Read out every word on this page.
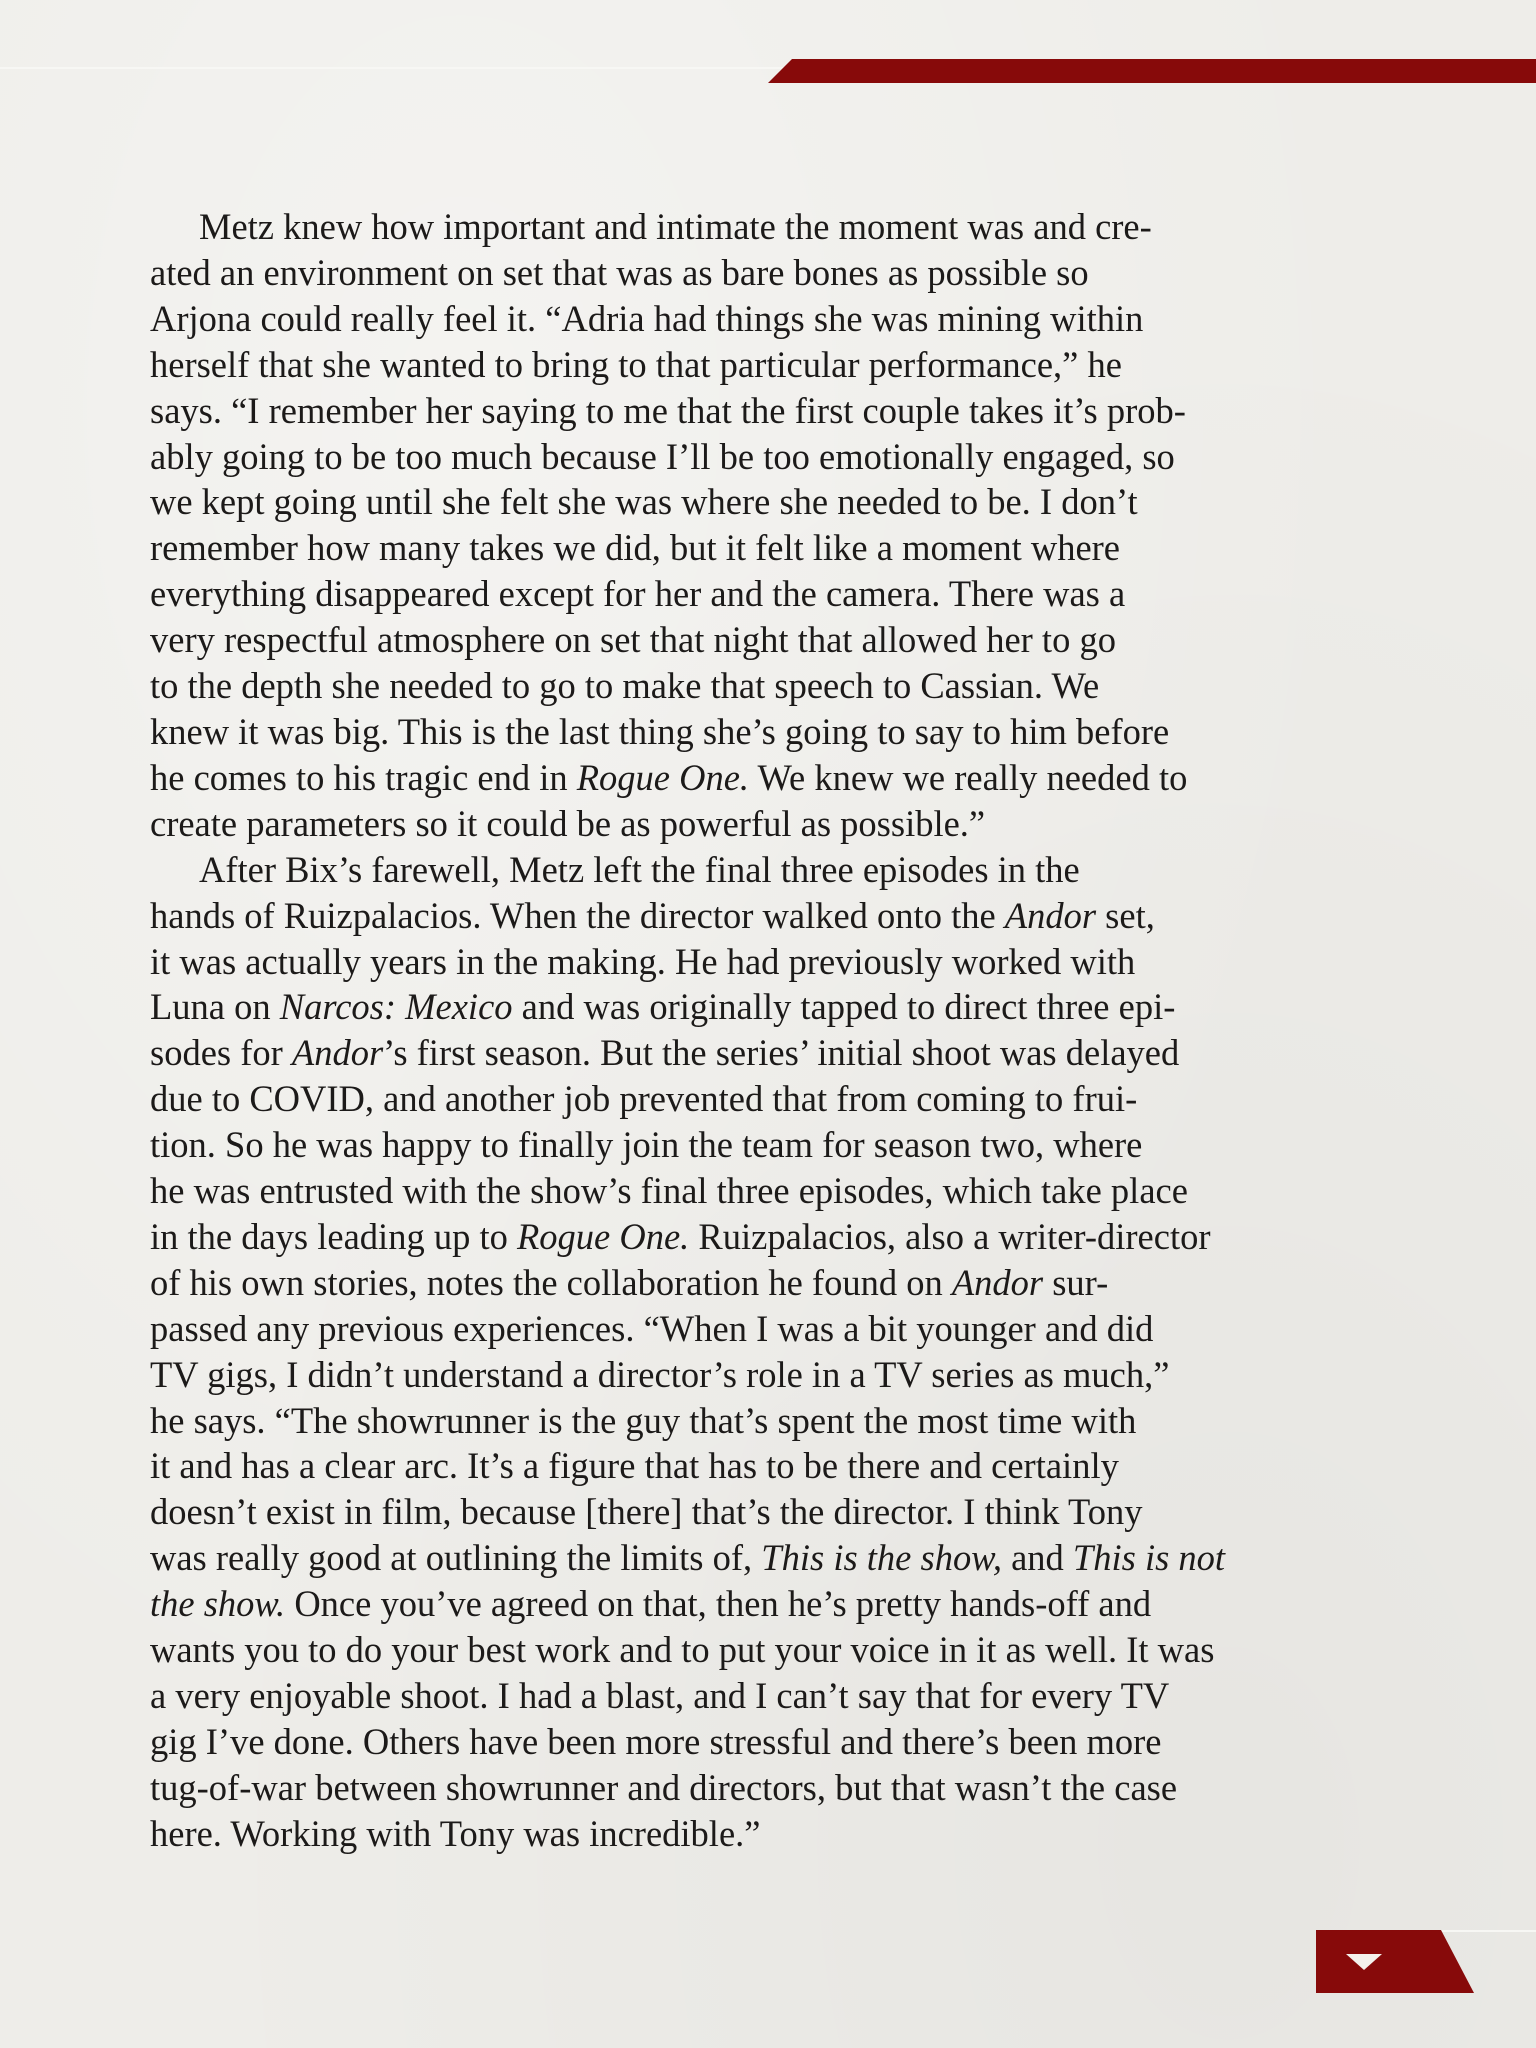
Metz knew how important and intimate the moment was and cre-
ated an environment on set that was as bare bones as possible so
Arjona could really feel it. “Adria had things she was mining within
herself that she wanted to bring to that particular performance,” he
says. “I remember her saying to me that the first couple takes it’s prob-
ably going to be too much because I’ll be too emotionally engaged, so
we kept going until she felt she was where she needed to be. I don’t
remember how many takes we did, but it felt like a moment where
everything disappeared except for her and the camera. There was a
very respectful atmosphere on set that night that allowed her to go
to the depth she needed to go to make that speech to Cassian. We
knew it was big. This is the last thing she’s going to say to him before
he comes to his tragic end in Rogue One. We knew we really needed to
create parameters so it could be as powerful as possible.”
After Bix’s farewell, Metz left the final three episodes in the
hands of Ruizpalacios. When the director walked onto the Andor set,
it was actually years in the making. He had previously worked with
Luna on Narcos: Mexico and was originally tapped to direct three epi-
sodes for Andor’s first season. But the series’ initial shoot was delayed
due to COVID, and another job prevented that from coming to frui-
tion. So he was happy to finally join the team for season two, where
he was entrusted with the show’s final three episodes, which take place
in the days leading up to Rogue One. Ruizpalacios, also a writer-director
of his own stories, notes the collaboration he found on Andor sur-
passed any previous experiences. “When I was a bit younger and did
TV gigs, I didn’t understand a director’s role in a TV series as much,”
he says. “The showrunner is the guy that’s spent the most time with
it and has a clear arc. It’s a figure that has to be there and certainly
doesn’t exist in film, because [there] that’s the director. I think Tony
was really good at outlining the limits of, This is the show, and This is not
the show. Once you’ve agreed on that, then he’s pretty hands-off and
wants you to do your best work and to put your voice in it as well. It was
a very enjoyable shoot. I had a blast, and I can’t say that for every TV
gig I’ve done. Others have been more stressful and there’s been more
tug-of-war between showrunner and directors, but that wasn’t the case
here. Working with Tony was incredible.”
